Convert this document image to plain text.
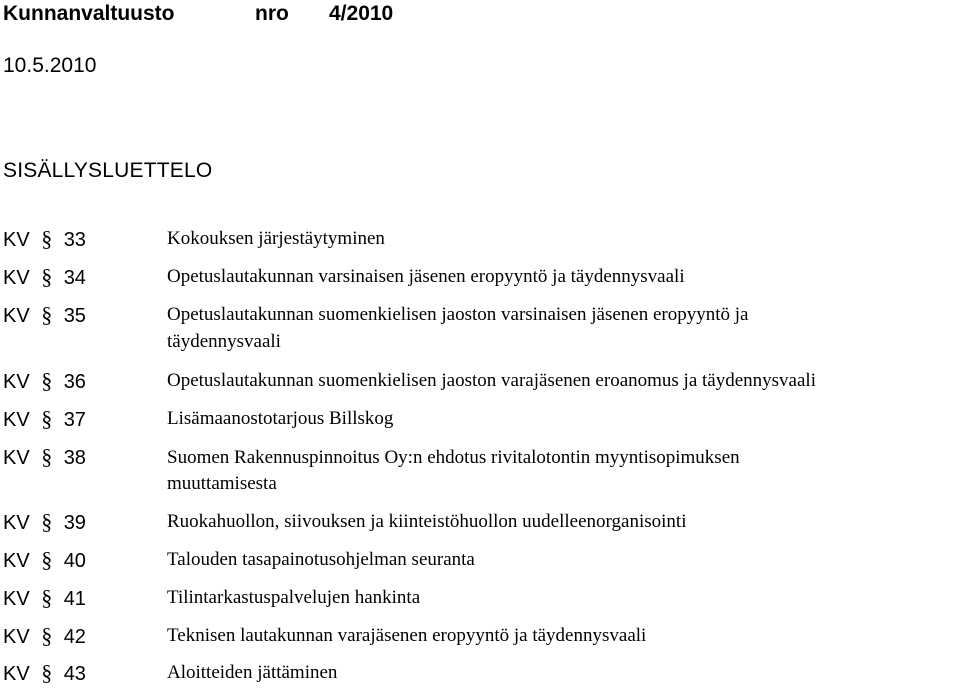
Kunnanvaltuusto	nro 4/2010
10.5.2010
SISÄLLYSLUETTELO
KV § 33	Kokouksen järjestäytyminen
KV § 34	Opetuslautakunnan varsinaisen jäsenen eropyyntö ja täydennysvaali
KV § 35	Opetuslautakunnan suomenkielisen jaoston varsinaisen jäsenen eropyyntö ja
täydennysvaali
KV § 36	Opetuslautakunnan suomenkielisen jaoston varajäsenen eroanomus ja täydennysvaali
KV § 37	Lisämaanostotarjous Billskog
KV § 38	Suomen Rakennuspinnoitus Oy:n ehdotus rivitalotontin myyntisopimuksen
muuttamisesta
KV § 39	Ruokahuollon, siivouksen ja kiinteistöhuollon uudelleenorganisointi
KV § 40	Talouden tasapainotusohjelman seuranta
KV § 41	Tilintarkastuspalvelujen hankinta
KV § 42	Teknisen lautakunnan varajäsenen eropyyntö ja täydennysvaali
KV § 43	Aloitteiden jättäminen
